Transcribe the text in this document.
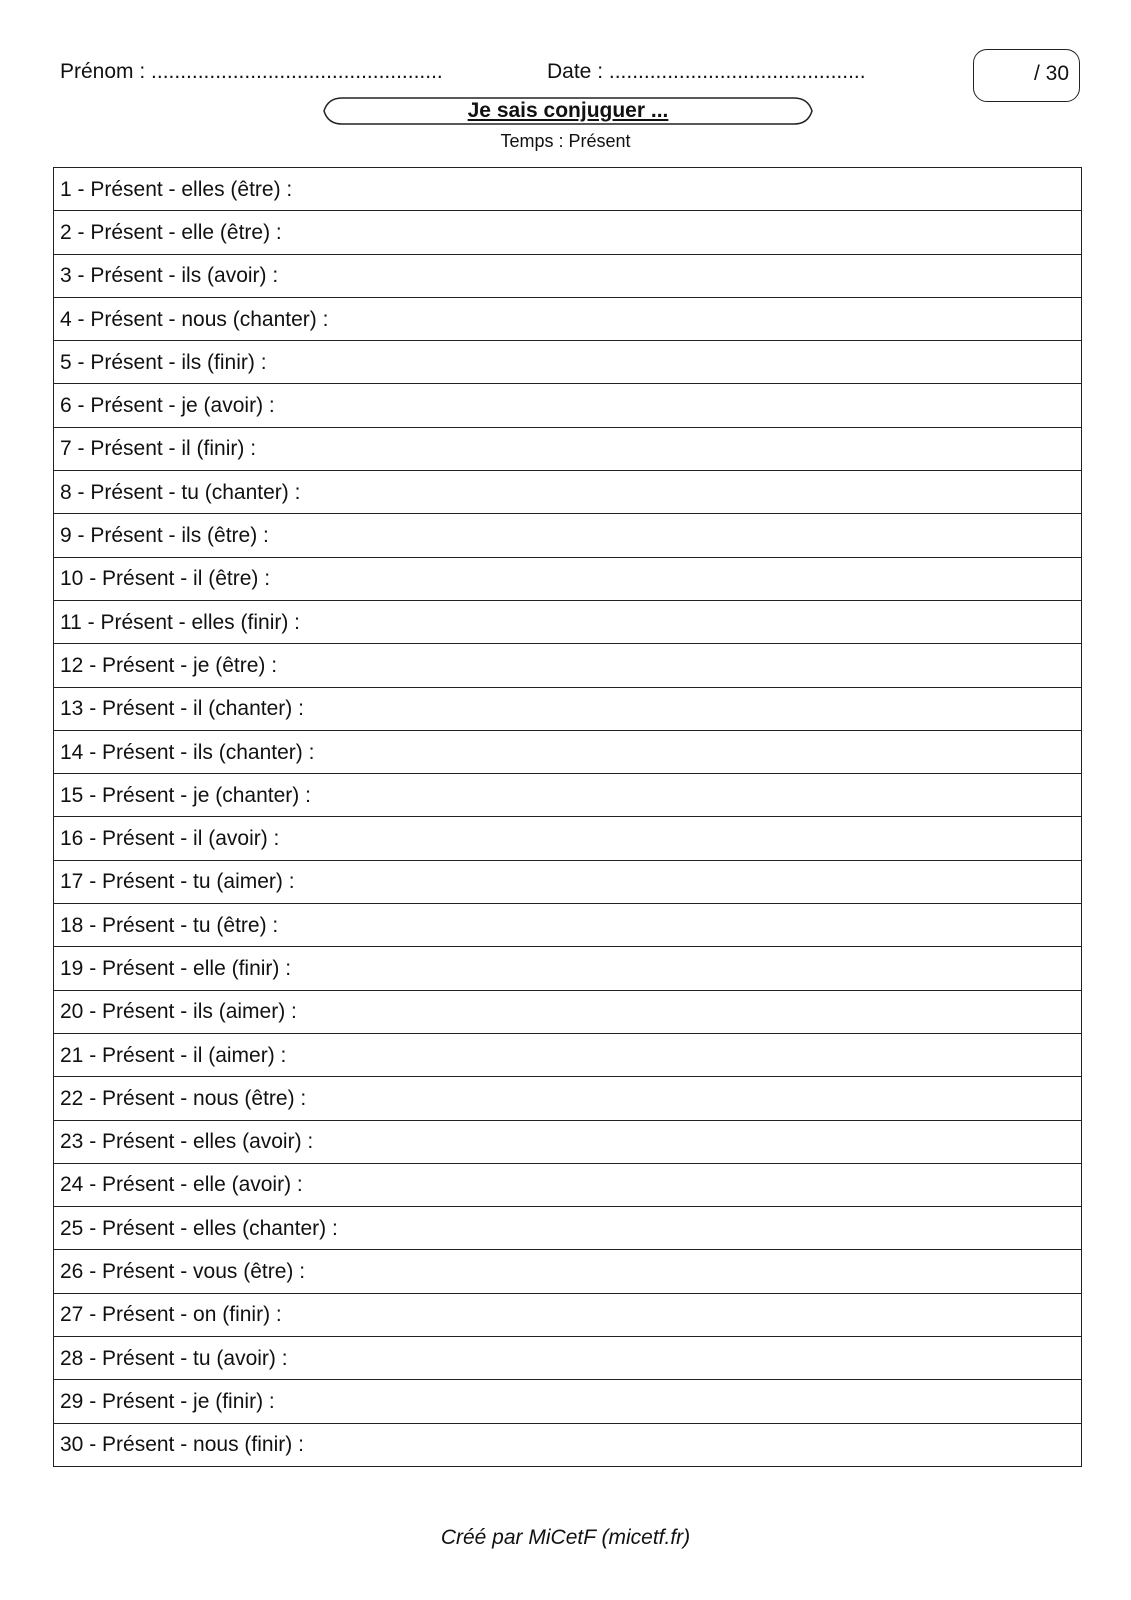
Prénom : ..................................................	Date : ............................................	/ 30
Je sais conjuguer ...
Temps : Présent
1 - Présent - elles (être) :
2 - Présent - elle (être) :
3 - Présent - ils (avoir) :
4 - Présent - nous (chanter) :
5 - Présent - ils (finir) :
6 - Présent - je (avoir) :
7 - Présent - il (finir) :
8 - Présent - tu (chanter) :
9 - Présent - ils (être) :
10 - Présent - il (être) :
11 - Présent - elles (finir) :
12 - Présent - je (être) :
13 - Présent - il (chanter) :
14 - Présent - ils (chanter) :
15 - Présent - je (chanter) :
16 - Présent - il (avoir) :
17 - Présent - tu (aimer) :
18 - Présent - tu (être) :
19 - Présent - elle (finir) :
20 - Présent - ils (aimer) :
21 - Présent - il (aimer) :
22 - Présent - nous (être) :
23 - Présent - elles (avoir) :
24 - Présent - elle (avoir) :
25 - Présent - elles (chanter) :
26 - Présent - vous (être) :
27 - Présent - on (finir) :
28 - Présent - tu (avoir) :
29 - Présent - je (finir) :
30 - Présent - nous (finir) :
Créé par MiCetF (micetf.fr)
